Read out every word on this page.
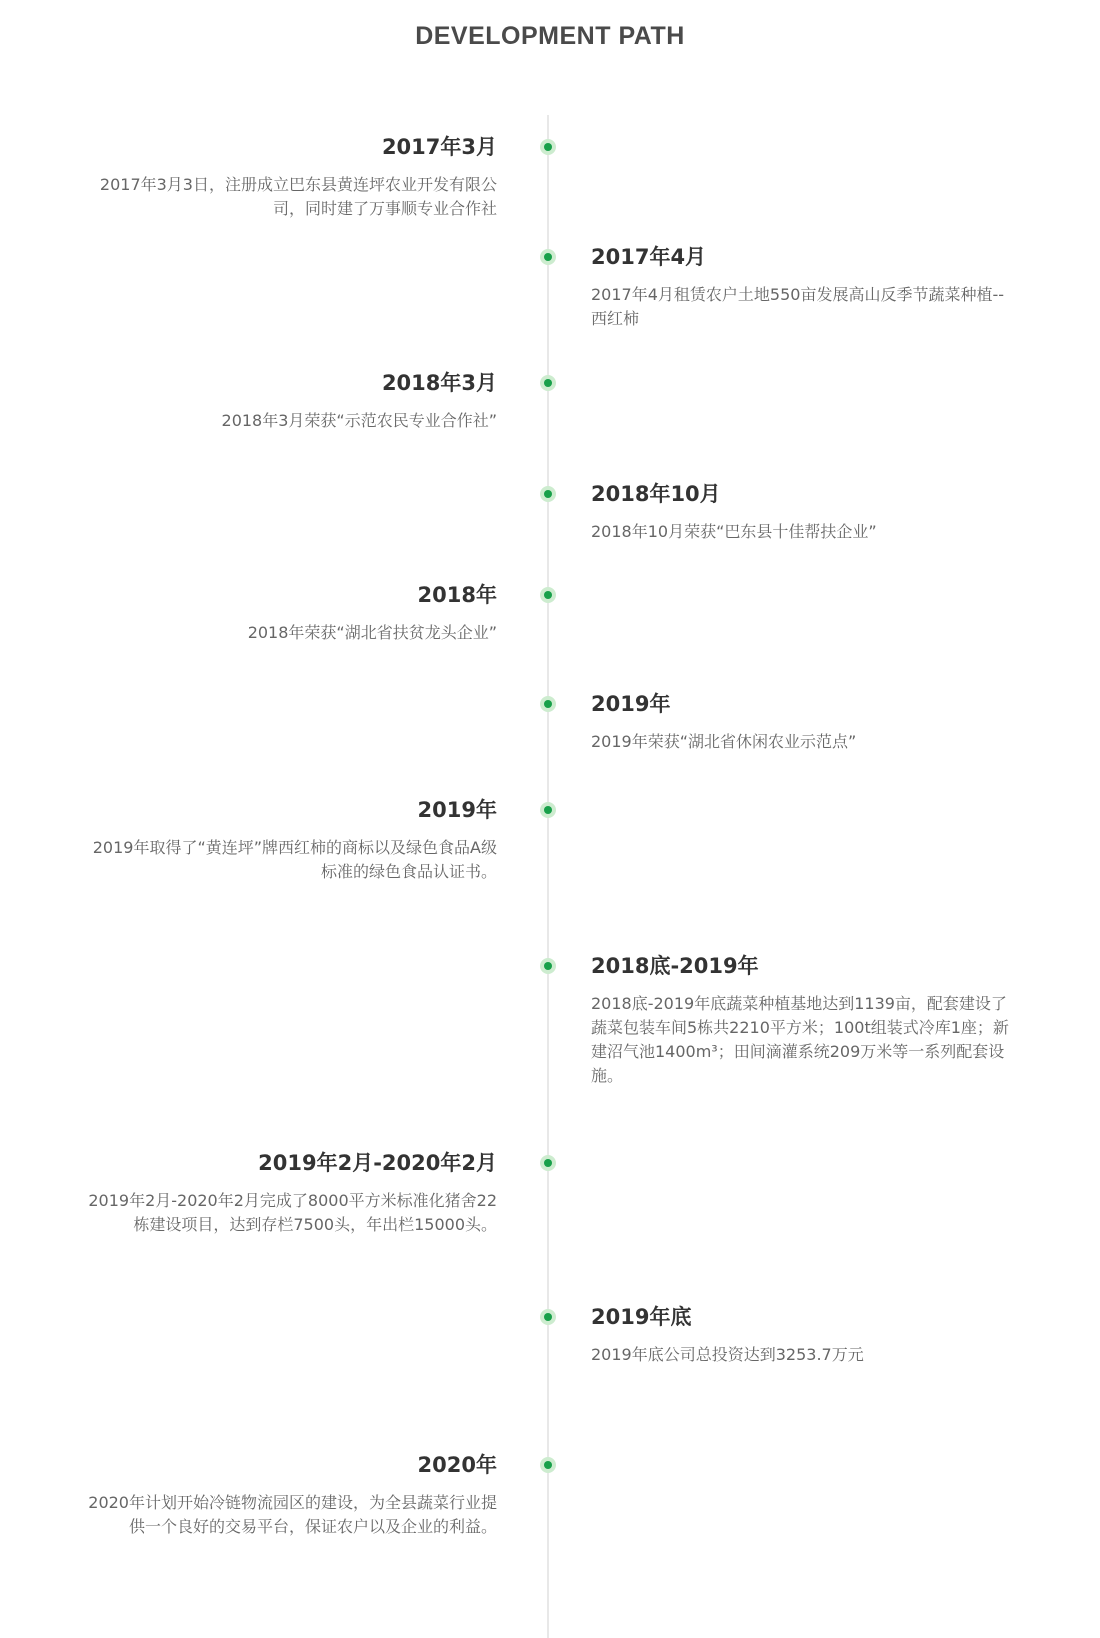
DEVELOPMENT PATH
2017年3月

2017年3月3日，注册成立巴东县黄连坪农业开发有限公司，同时建了万事顺专业合作社

2017年4月

2017年4月租赁农户土地550亩发展高山反季节蔬菜种植--西红柿

2018年3月

2018年3月荣获“示范农民专业合作社”

2018年10月

2018年10月荣获“巴东县十佳帮扶企业”

2018年

2018年荣获“湖北省扶贫龙头企业”

2019年

2019年荣获“湖北省休闲农业示范点”

2019年

2019年取得了“黄连坪”牌西红柿的商标以及绿色食品A级标准的绿色食品认证书。

2018底-2019年

2018底-2019年底蔬菜种植基地达到1139亩，配套建设了蔬菜包装车间5栋共2210平方米；100t组装式冷库1座；新建沼气池1400m³；田间滴灌系统209万米等一系列配套设施。

2019年2月-2020年2月

2019年2月-2020年2月完成了8000平方米标准化猪舍22栋建设项目，达到存栏7500头，年出栏15000头。

2019年底

2019年底公司总投资达到3253.7万元

2020年

2020年计划开始冷链物流园区的建设，为全县蔬菜行业提供一个良好的交易平台，保证农户以及企业的利益。
